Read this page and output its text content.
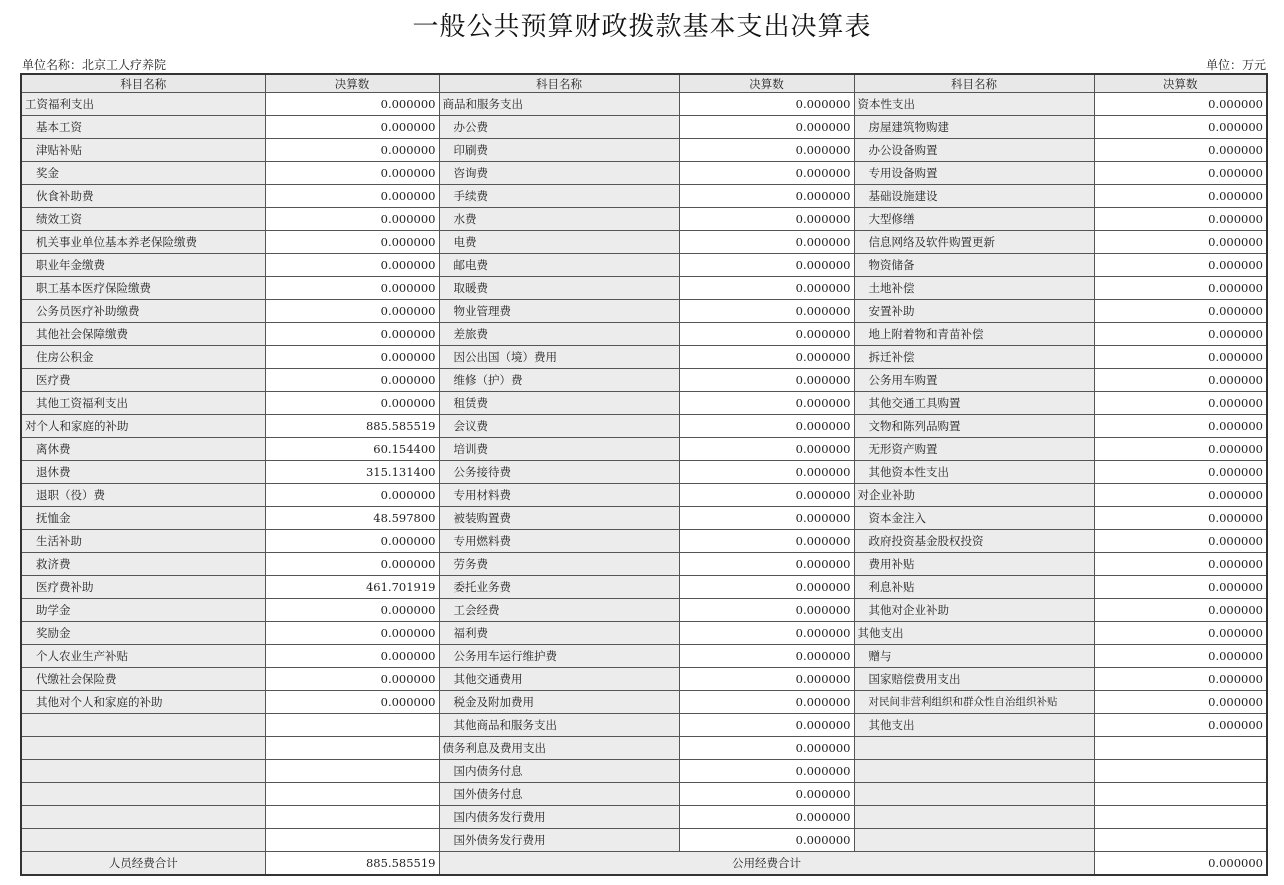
一般公共预算财政拨款基本支出决算表
单位名称：北京工人疗养院	单位：万元
科目名称	决算数	科目名称	决算数	科目名称	决算数
工资福利支出	0.000000	商品和服务支出	0.000000	资本性支出	0.000000
基本工资	0.000000	办公费	0.000000	房屋建筑物购建	0.000000
津贴补贴	0.000000	印刷费	0.000000	办公设备购置	0.000000
奖金	0.000000	咨询费	0.000000	专用设备购置	0.000000
伙食补助费	0.000000	手续费	0.000000	基础设施建设	0.000000
绩效工资	0.000000	水费	0.000000	大型修缮	0.000000
机关事业单位基本养老保险缴费	0.000000	电费	0.000000	信息网络及软件购置更新	0.000000
职业年金缴费	0.000000	邮电费	0.000000	物资储备	0.000000
职工基本医疗保险缴费	0.000000	取暖费	0.000000	土地补偿	0.000000
公务员医疗补助缴费	0.000000	物业管理费	0.000000	安置补助	0.000000
其他社会保障缴费	0.000000	差旅费	0.000000	地上附着物和青苗补偿	0.000000
住房公积金	0.000000	因公出国（境）费用	0.000000	拆迁补偿	0.000000
医疗费	0.000000	维修（护）费	0.000000	公务用车购置	0.000000
其他工资福利支出	0.000000	租赁费	0.000000	其他交通工具购置	0.000000
对个人和家庭的补助	885.585519	会议费	0.000000	文物和陈列品购置	0.000000
离休费	60.154400	培训费	0.000000	无形资产购置	0.000000
退休费	315.131400	公务接待费	0.000000	其他资本性支出	0.000000
退职（役）费	0.000000	专用材料费	0.000000	对企业补助	0.000000
抚恤金	48.597800	被装购置费	0.000000	资本金注入	0.000000
生活补助	0.000000	专用燃料费	0.000000	政府投资基金股权投资	0.000000
救济费	0.000000	劳务费	0.000000	费用补贴	0.000000
医疗费补助	461.701919	委托业务费	0.000000	利息补贴	0.000000
助学金	0.000000	工会经费	0.000000	其他对企业补助	0.000000
奖励金	0.000000	福利费	0.000000	其他支出	0.000000
个人农业生产补贴	0.000000	公务用车运行维护费	0.000000	赠与	0.000000
代缴社会保险费	0.000000	其他交通费用	0.000000	国家赔偿费用支出	0.000000
其他对个人和家庭的补助	0.000000	税金及附加费用	0.000000	对民间非营利组织和群众性自治组织补贴	0.000000
		其他商品和服务支出	0.000000	其他支出	0.000000
		债务利息及费用支出	0.000000		
		国内债务付息	0.000000		
		国外债务付息	0.000000		
		国内债务发行费用	0.000000		
		国外债务发行费用	0.000000		
人员经费合计	885.585519	公用经费合计			0.000000
